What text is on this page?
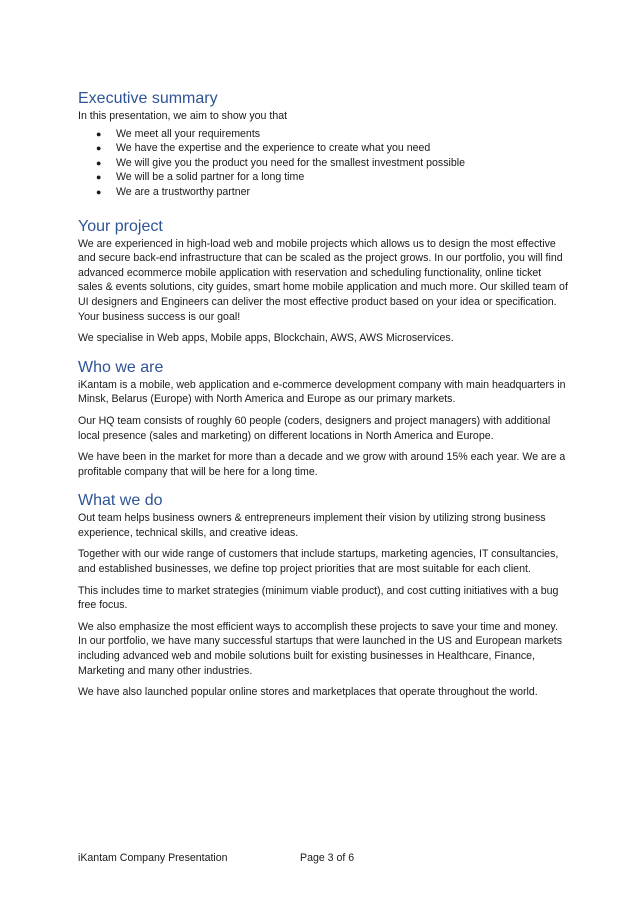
Executive summary

In this presentation, we aim to show you that

●	We meet all your requirements
●	We have the expertise and the experience to create what you need
●	We will give you the product you need for the smallest investment possible
●	We will be a solid partner for a long time
●	We are a trustworthy partner
Your project

We are experienced in high-load web and mobile projects which allows us to design the most effective and secure back-end infrastructure that can be scaled as the project grows. In our portfolio, you will find advanced ecommerce mobile application with reservation and scheduling functionality, online ticket sales & events solutions, city guides, smart home mobile application and much more. Our skilled team of UI designers and Engineers can deliver the most effective product based on your idea or specification. Your business success is our goal!

We specialise in Web apps, Mobile apps, Blockchain, AWS, AWS Microservices.

Who we are

iKantam is a mobile, web application and e-commerce development company with main headquarters in Minsk, Belarus (Europe) with North America and Europe as our primary markets.

Our HQ team consists of roughly 60 people (coders, designers and project managers) with additional local presence (sales and marketing) on different locations in North America and Europe.

We have been in the market for more than a decade and we grow with around 15% each year. We are a profitable company that will be here for a long time.

What we do

Out team helps business owners & entrepreneurs implement their vision by utilizing strong business experience, technical skills, and creative ideas.

Together with our wide range of customers that include startups, marketing agencies, IT consultancies, and established businesses, we define top project priorities that are most suitable for each client.

This includes time to market strategies (minimum viable product), and cost cutting initiatives with a bug free focus.

We also emphasize the most efficient ways to accomplish these projects to save your time and money. In our portfolio, we have many successful startups that were launched in the US and European markets including advanced web and mobile solutions built for existing businesses in Healthcare, Finance, Marketing and many other industries.

We have also launched popular online stores and marketplaces that operate throughout the world.

iKantam Company Presentation	Page 3 of 6
